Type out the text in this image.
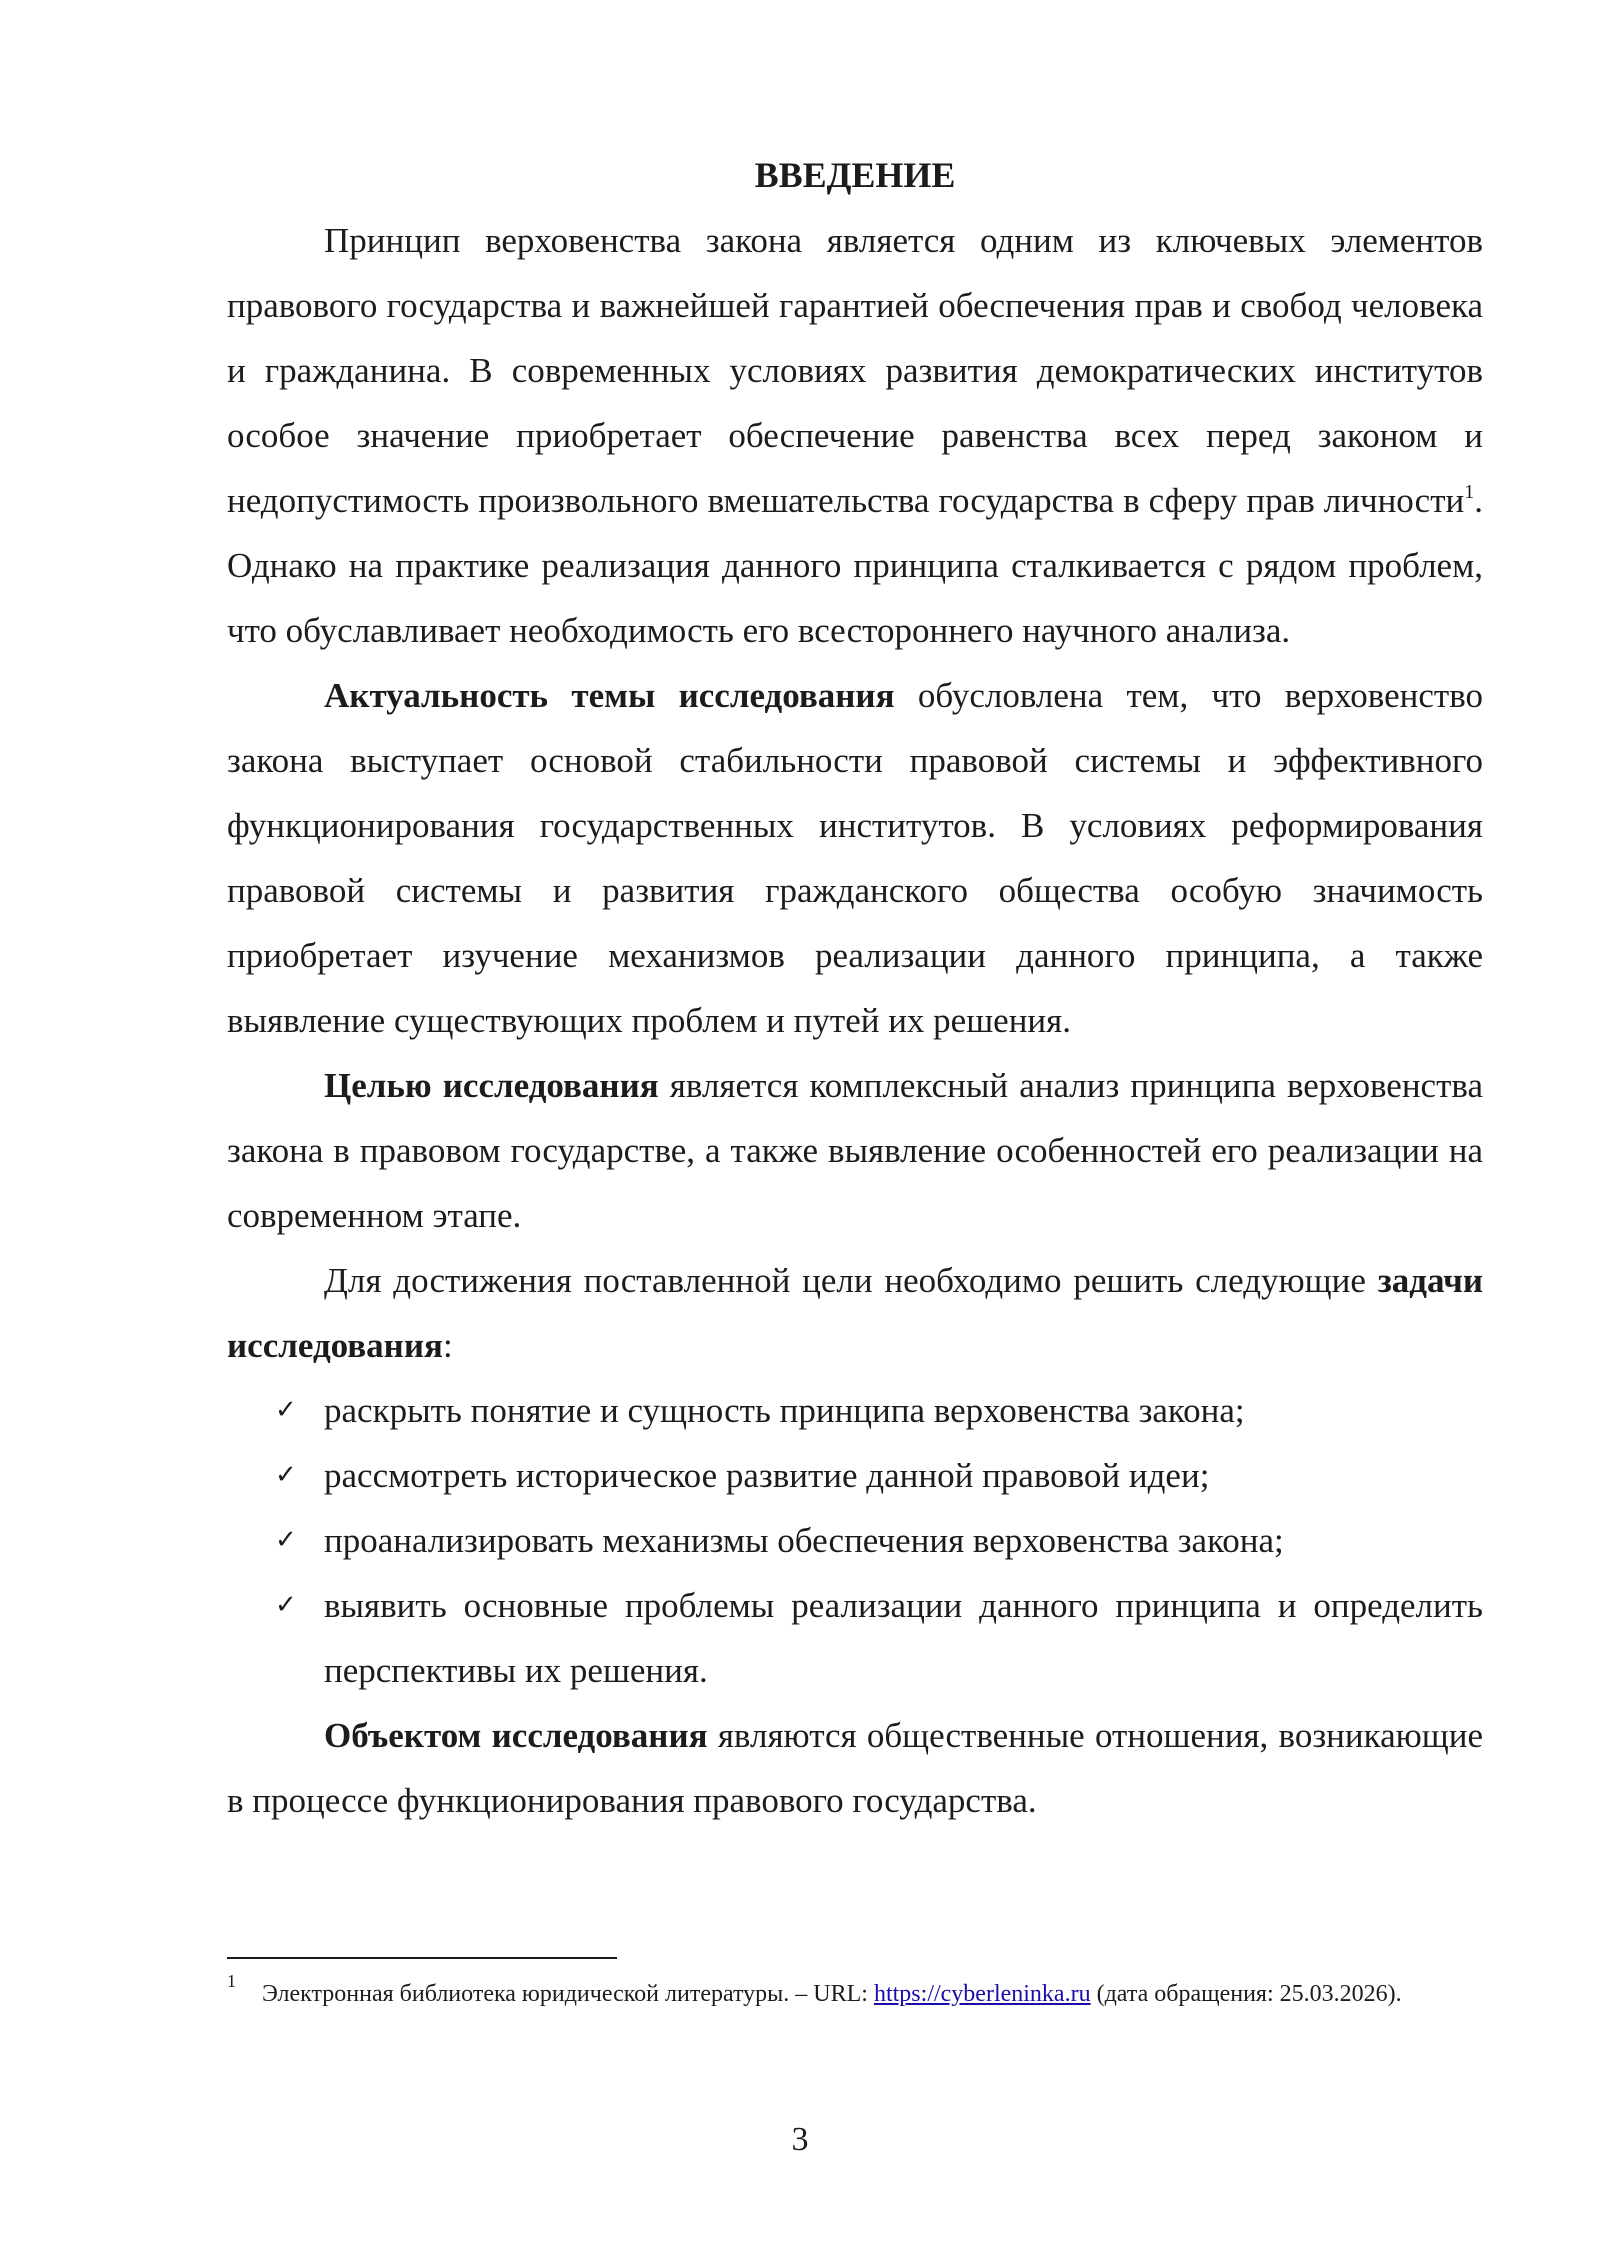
ВВЕДЕНИЕ

Принцип верховенства закона является одним из ключевых элементов правового государства и важнейшей гарантией обеспечения прав и свобод человека и гражданина. В современных условиях развития демократических институтов особое значение приобретает обеспечение равенства всех перед законом и недопустимость произвольного вмешательства государства в сферу прав личности$^1$. Однако на практике реализация данного принципа сталкивается с рядом проблем, что обуславливает необходимость его всестороннего научного анализа.

Актуальность темы исследования обусловлена тем, что верховенство закона выступает основой стабильности правовой системы и эффективного функционирования государственных институтов. В условиях реформирования правовой системы и развития гражданского общества особую значимость приобретает изучение механизмов реализации данного принципа, а также выявление существующих проблем и путей их решения.

Целью исследования является комплексный анализ принципа верховенства закона в правовом государстве, а также выявление особенностей его реализации на современном этапе.

Для достижения поставленной цели необходимо решить следующие задачи исследования:

✓ раскрыть понятие и сущность принципа верховенства закона;
✓ рассмотреть историческое развитие данной правовой идеи;
✓ проанализировать механизмы обеспечения верховенства закона;
✓ выявить основные проблемы реализации данного принципа и определить перспективы их решения.

Объектом исследования являются общественные отношения, возникающие в процессе функционирования правового государства.

$^1$ Электронная библиотека юридической литературы. – URL: https://cyberleninka.ru (дата обращения: 25.03.2026).
3
